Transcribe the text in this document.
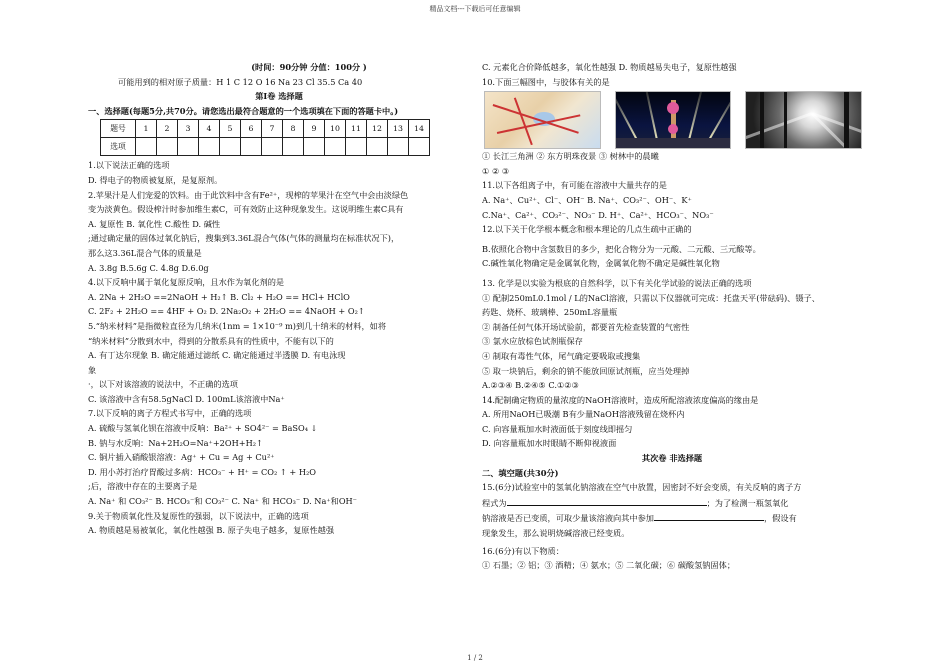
精品文档---下载后可任意编辑

(时间：90分钟 分值：100分 )

可能用到的相对原子质量：H 1 C 12 O 16 Na 23 Cl 35.5 Ca 40

第Ⅰ卷 选择题

一、选择题(每题5分,共70分。请您选出最符合题意的一个选项填在下面的答题卡中。)

题号	1	2	3	4	5	6	7	8	9	10	11	12	13	14
选项														

1.以下说法正确的选项

D. 得电子的物质被复原，是复原剂。

2.苹果汁是人们宠爱的饮料。由于此饮料中含有Fe²⁺，现榨的苹果汁在空气中会由淡绿色

变为淡黄色。假设榨汁时参加维生素C，可有效防止这种现象发生。这说明维生素C具有

A. 复原性 B. 氧化性 C.酸性 D. 碱性

;通过确定量的固体过氧化钠后，搜集到3.36L混合气体(气体的测量均在标准状况下)，

那么这3.36L混合气体的质量是

A. 3.8g B.5.6g C. 4.8g D.6.0g

4.以下反响中属于氧化复原反响，且水作为氧化剂的是

A. 2Na + 2H₂O ==2NaOH + H₂↑ B. Cl₂ + H₂O == HCl+ HClO

C. 2F₂ + 2H₂O == 4HF + O₂ D. 2Na₂O₂ + 2H₂O == 4NaOH + O₂↑

5.“纳米材料”是指微粒直径为几纳米(1nm = 1×10⁻⁹ m)到几十纳米的材料，如将

“纳米材料”分散到水中，得到的分散系具有的性质中，不能有以下的

A. 有丁达尔现象 B. 确定能通过滤纸 C. 确定能通过半透膜 D. 有电泳现

象

·，以下对该溶液的说法中，不正确的选项

C. 该溶液中含有58.5gNaCl D. 100mL该溶液中Na⁺

7.以下反响的离子方程式书写中，正确的选项

A. 硫酸与氢氧化钡在溶液中反响：Ba²⁺ + SO4²⁻ = BaSO₄ ↓

B. 钠与水反响：Na+2H₂O=Na⁺+2OH+H₂↑

C. 铜片插入硝酸银溶液：Ag⁺ + Cu = Ag + Cu²⁺

D. 用小苏打治疗胃酸过多病：HCO₃⁻ + H⁺ = CO₂ ↑ + H₂O

;后，溶液中存在的主要离子是

A. Na⁺ 和 CO₃²⁻ B. HCO₃⁻和 CO₃²⁻ C. Na⁺ 和 HCO₃⁻ D. Na⁺和OH⁻

9.关于物质氧化性及复原性的强弱，以下说法中，正确的选项

A. 物质越是易被氧化，氧化性越强 B. 原子失电子越多，复原性越强

C. 元素化合价降低越多，氧化性越强 D. 物质越易失电子，复原性越强

10.下面三幅图中，与胶体有关的是

① 长江三角洲 ② 东方明珠夜景 ③ 树林中的晨曦

① ② ③

11.以下各组离子中，有可能在溶液中大量共存的是

A. Na⁺、Cu²⁺、Cl⁻、OH⁻ B. Na⁺、CO₃²⁻、OH⁻、K⁺

C.Na⁺、Ca²⁺、CO₃²⁻、NO₃⁻ D. H⁺、Ca²⁺、HCO₃⁻、NO₃⁻

12.以下关于化学根本概念和根本理论的几点生疏中正确的

B.依照化合物中含氢数目的多少，把化合物分为一元酸、二元酸、三元酸等。

C.碱性氧化物确定是金属氧化物，金属氧化物不确定是碱性氧化物

13. 化学是以实验为根底的自然科学，以下有关化学试验的说法正确的选项

① 配制250mL0.1mol / L的NaCl溶液，只需以下仪器就可完成：托盘天平(带砝码)、镊子、

药匙、烧杯、玻璃棒、250mL容量瓶

② 制备任何气体开场试验前，都要首先检查装置的气密性

③ 氯水应放棕色试剂瓶保存

④ 制取有毒性气体，尾气确定要吸取或搜集

⑤ 取一块钠后，剩余的钠不能放回原试剂瓶，应当处理掉

A.②③④ B.②④⑤ C.①②③

14.配制确定物质的量浓度的NaOH溶液时，造成所配溶液浓度偏高的缘由是

A. 所用NaOH已吸潮 B有少量NaOH溶液残留在烧杯内

C. 向容量瓶加水时液面低于刻度线即摇匀

D. 向容量瓶加水时眼睛不断仰视液面

其次卷 非选择题

二、填空题(共30分)

15.(6分)试验室中的氢氧化钠溶液在空气中放置，因密封不好会变质，有关反响的离子方

程式为	；为了检测一瓶氢氧化

钠溶液是否已变质，可取少量该溶液向其中参加	，假设有

现象发生，那么说明烧碱溶液已经变质。

16.(6分)有以下物质：

① 石墨；② 铝；③ 酒精；④ 氨水；⑤ 二氧化碳；⑥ 碳酸氢钠固体；

1 / 2
